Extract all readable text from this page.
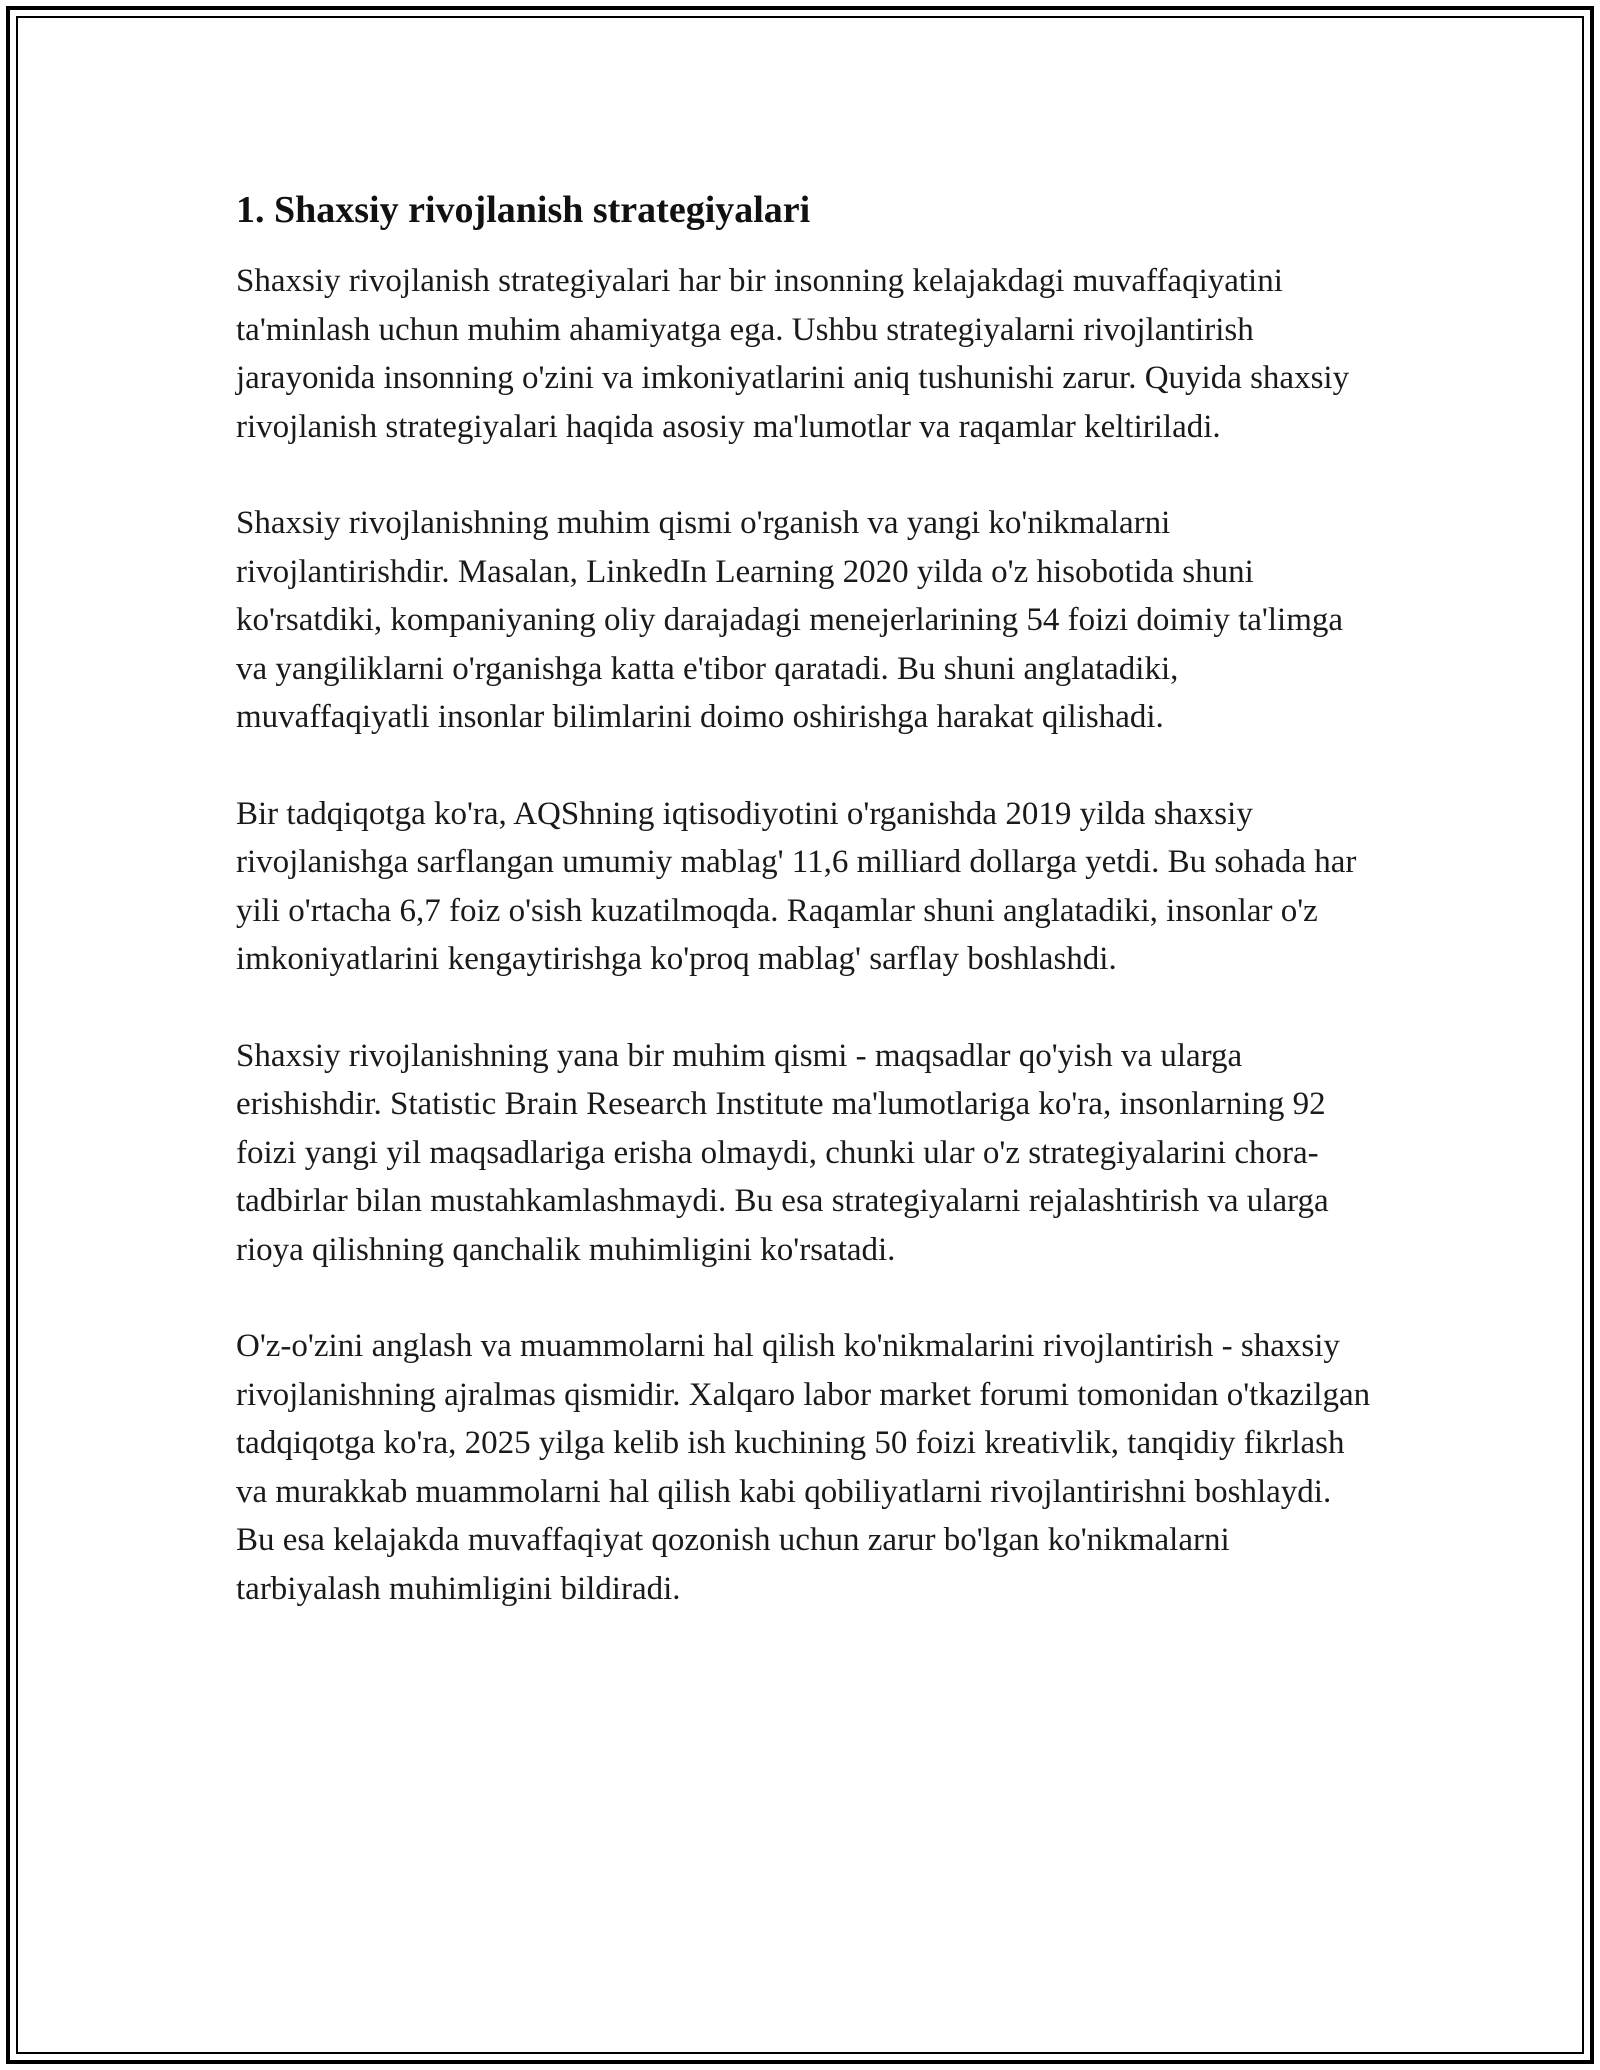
1. Shaxsiy rivojlanish strategiyalari

Shaxsiy rivojlanish strategiyalari har bir insonning kelajakdagi muvaffaqiyatini ta'minlash uchun muhim ahamiyatga ega. Ushbu strategiyalarni rivojlantirish jarayonida insonning o'zini va imkoniyatlarini aniq tushunishi zarur. Quyida shaxsiy rivojlanish strategiyalari haqida asosiy ma'lumotlar va raqamlar keltiriladi.

Shaxsiy rivojlanishning muhim qismi o'rganish va yangi ko'nikmalarni rivojlantirishdir. Masalan, LinkedIn Learning 2020 yilda o'z hisobotida shuni ko'rsatdiki, kompaniyaning oliy darajadagi menejerlarining 54 foizi doimiy ta'limga va yangiliklarni o'rganishga katta e'tibor qaratadi. Bu shuni anglatadiki, muvaffaqiyatli insonlar bilimlarini doimo oshirishga harakat qilishadi.

Bir tadqiqotga ko'ra, AQShning iqtisodiyotini o'rganishda 2019 yilda shaxsiy rivojlanishga sarflangan umumiy mablag' 11,6 milliard dollarga yetdi. Bu sohada har yili o'rtacha 6,7 foiz o'sish kuzatilmoqda. Raqamlar shuni anglatadiki, insonlar o'z imkoniyatlarini kengaytirishga ko'proq mablag' sarflay boshlashdi.

Shaxsiy rivojlanishning yana bir muhim qismi - maqsadlar qo'yish va ularga erishishdir. Statistic Brain Research Institute ma'lumotlariga ko'ra, insonlarning 92 foizi yangi yil maqsadlariga erisha olmaydi, chunki ular o'z strategiyalarini chora-tadbirlar bilan mustahkamlashmaydi. Bu esa strategiyalarni rejalashtirish va ularga rioya qilishning qanchalik muhimligini ko'rsatadi.

O'z-o'zini anglash va muammolarni hal qilish ko'nikmalarini rivojlantirish - shaxsiy rivojlanishning ajralmas qismidir. Xalqaro labor market forumi tomonidan o'tkazilgan tadqiqotga ko'ra, 2025 yilga kelib ish kuchining 50 foizi kreativlik, tanqidiy fikrlash va murakkab muammolarni hal qilish kabi qobiliyatlarni rivojlantirishni boshlaydi. Bu esa kelajakda muvaffaqiyat qozonish uchun zarur bo'lgan ko'nikmalarni tarbiyalash muhimligini bildiradi.
